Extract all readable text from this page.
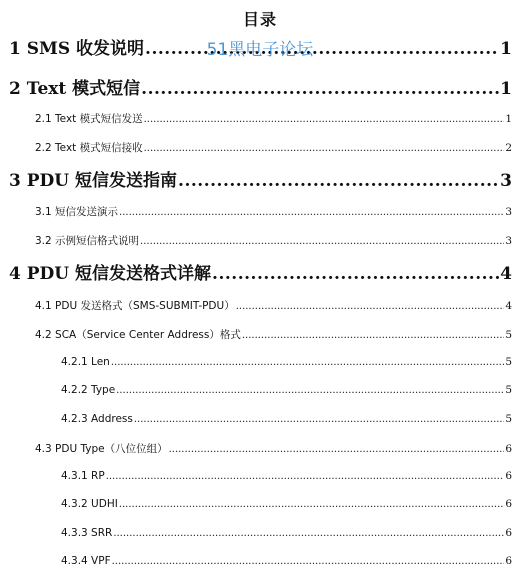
目录
51黑电子论坛
1 SMS 收发说明 .....	1
2 Text 模式短信 .....	1
2.1 Text 模式短信发送 .....	1
2.2 Text 模式短信接收 .....	2
3 PDU 短信发送指南 .....	3
3.1 短信发送演示 .....	3
3.2 示例短信格式说明 .....	3
4 PDU 短信发送格式详解 .....	4
4.1 PDU 发送格式（SMS-SUBMIT-PDU） .....	4
4.2 SCA（Service Center Address）格式 .....	5
4.2.1 Len .....	5
4.2.2 Type .....	5
4.2.3 Address .....	5
4.3 PDU Type（八位位组） .....	6
4.3.1 RP .....	6
4.3.2 UDHI .....	6
4.3.3 SRR .....	6
4.3.4 VPF .....	6
